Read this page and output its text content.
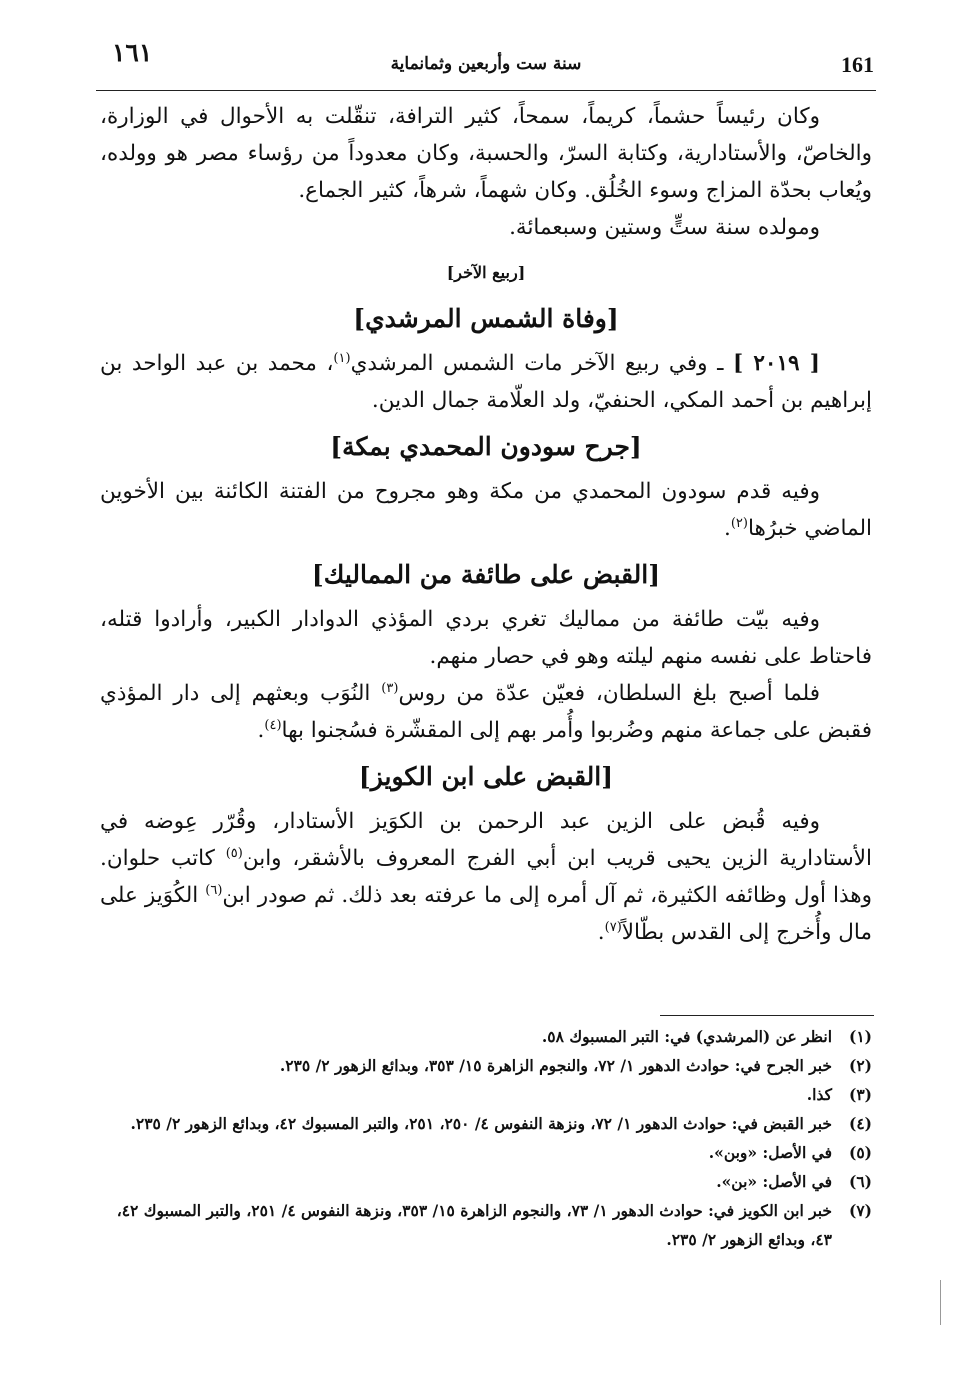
١٦١	سنة ست وأربعين وثمانماية	161

وكان رئيساً حشماً، كريماً، سمحاً، كثير الترافة، تنقّلت به الأحوال في الوزارة، والخاصّ، والأستادارية، وكتابة السرّ، والحسبة، وكان معدوداً من رؤساء مصر هو وولده، ويُعاب بحدّة المزاج وسوء الخُلُق. وكان شهماً، شرهاً، كثير الجماع.

ومولده سنة ستٍّ وستين وسبعمائة.

[ربيع الآخر]
[وفاة الشمس المرشدي]

[ ٢٠١٩ ] ـ وفي ربيع الآخر مات الشمس المرشدي$^{(١)}$، محمد بن عبد الواحد بن إبراهيم بن أحمد المكي، الحنفيّ، ولد العلّامة جمال الدين.

[جرح سودون المحمدي بمكة]

وفيه قدم سودون المحمدي من مكة وهو مجروح من الفتنة الكائنة بين الأخوين الماضي خبرُها$^{(٢)}$.

[القبض على طائفة من المماليك]

وفيه بيّت طائفة من مماليك تغري بردي المؤذي الدوادار الكبير، وأرادوا قتله، فاحتاط على نفسه منهم ليلته وهو في حصار منهم.

فلما أصبح بلغ السلطان، فعيّن عدّة من روس$^{(٣)}$ النُوَب وبعثهم إلى دار المؤذي فقبض على جماعة منهم وضُربوا وأُمر بهم إلى المقشّرة فسُجنوا بها$^{(٤)}$.

[القبض على ابن الكويز]

وفيه قُبض على الزين عبد الرحمن بن الكوَيز الأستادار، وقُرّر عِوضه في الأستادارية الزين يحيى قريب ابن أبي الفرج المعروف بالأشقر، وابن$^{(٥)}$ كاتب حلوان. وهذا أول وظائفه الكثيرة، ثم آل أمره إلى ما عرفته بعد ذلك. ثم صودر ابن$^{(٦)}$ الكُوَيز على مال وأُخرج إلى القدس بطّالاً$^{(٧)}$.

(١)
انظر عن (المرشدي) في: التبر المسبوك ٥٨.
(٢)
خبر الجرح في: حوادث الدهور ١/ ٧٢، والنجوم الزاهرة ١٥/ ٣٥٣، وبدائع الزهور ٢/ ٢٣٥.
(٣)
كذا.
(٤)
خبر القبض في: حوادث الدهور ١/ ٧٢، ونزهة النفوس ٤/ ٢٥٠، ٢٥١، والتبر المسبوك ٤٢، وبدائع الزهور ٢/ ٢٣٥.
(٥)
في الأصل: «وبن».
(٦)
في الأصل: «بن».
(٧)
خبر ابن الكويز في: حوادث الدهور ١/ ٧٣، والنجوم الزاهرة ١٥/ ٣٥٣، ونزهة النفوس ٤/ ٢٥١، والتبر المسبوك ٤٢، ٤٣، وبدائع الزهور ٢/ ٢٣٥.
